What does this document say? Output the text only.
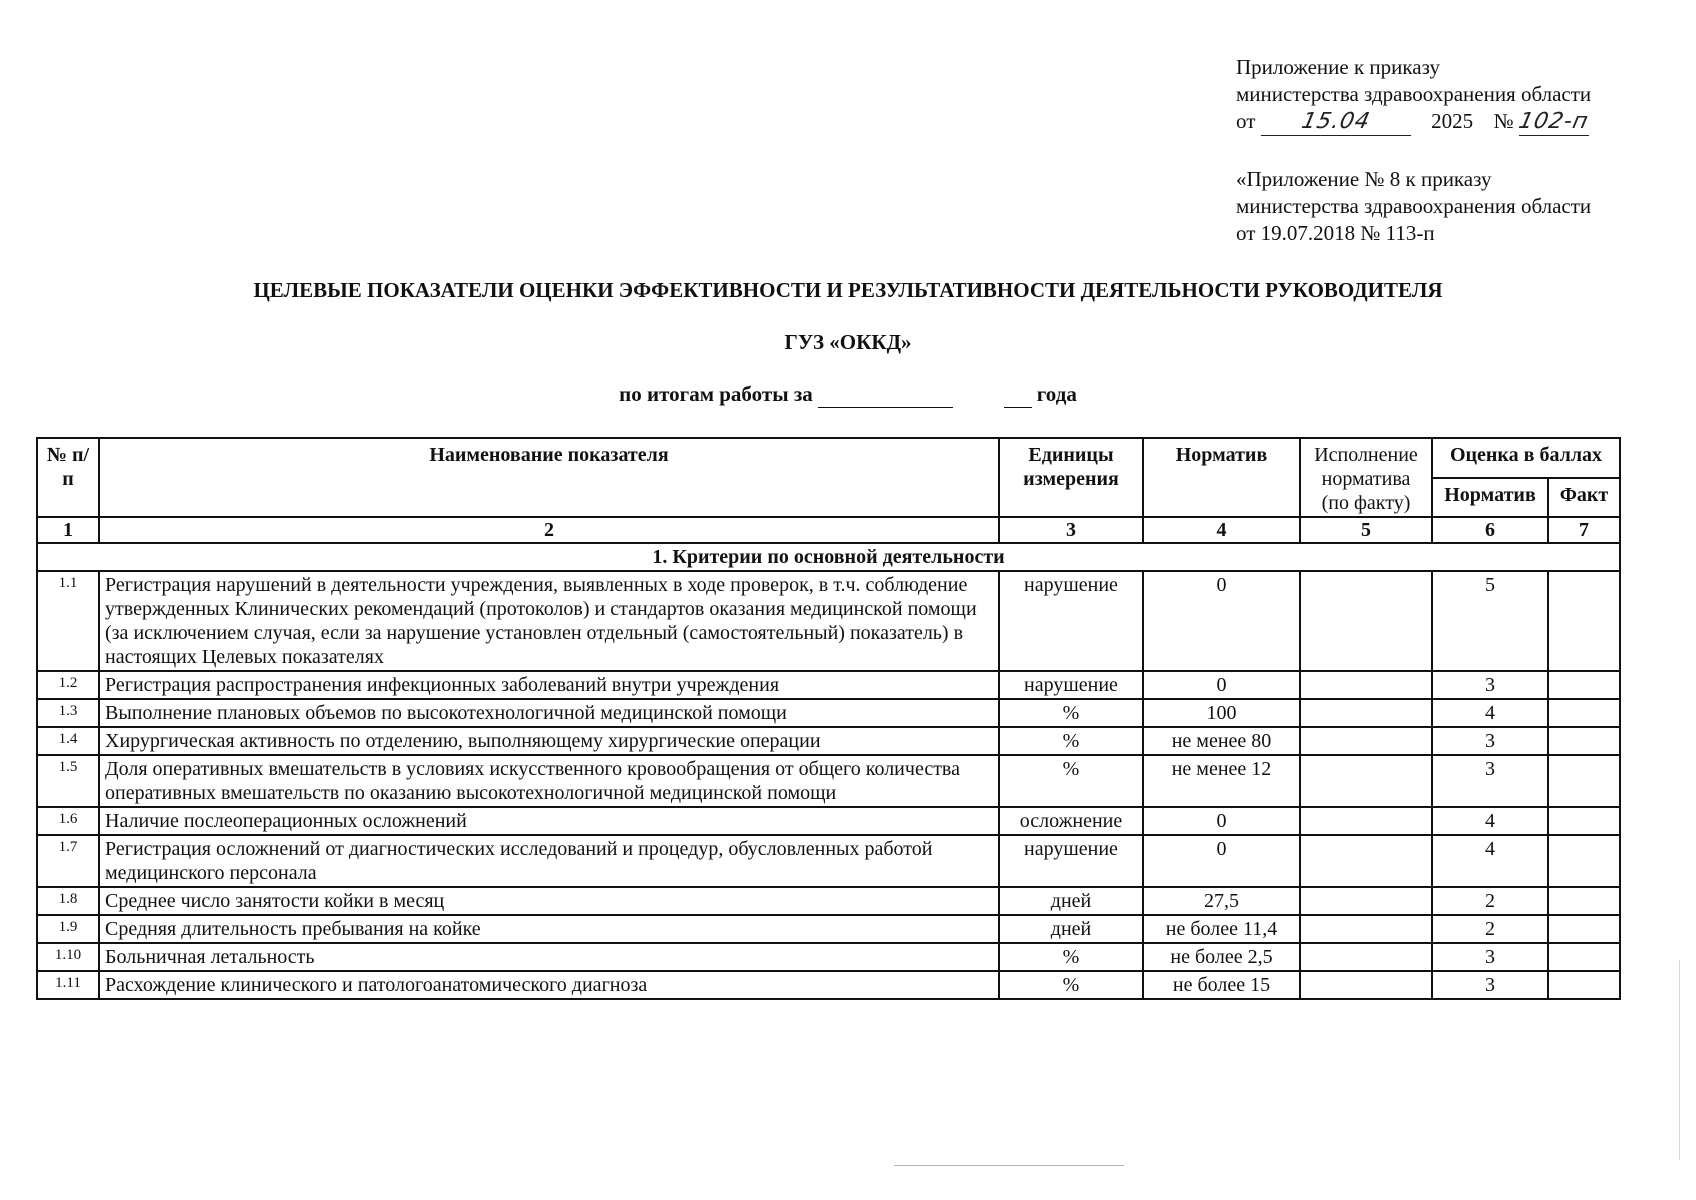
Приложение к приказу
министерства здравоохранения области
от 15.04	2025 № 102-п
«Приложение № 8 к приказу
министерства здравоохранения области
от 19.07.2018 № 113-п
ЦЕЛЕВЫЕ ПОКАЗАТЕЛИ ОЦЕНКИ ЭФФЕКТИВНОСТИ И РЕЗУЛЬТАТИВНОСТИ ДЕЯТЕЛЬНОСТИ РУКОВОДИТЕЛЯ
ГУЗ «ОККД»
по итогам работы за	года
№ п/п	Наименование показателя	Единицы измерения	Норматив	Исполнение норматива (по факту)	Оценка в баллах	
					Норматив	Факт
1	2	3	4	5	6	7
1. Критерии по основной деятельности						
1.1	Регистрация нарушений в деятельности учреждения, выявленных в ходе проверок, в т.ч. соблюдение утвержденных Клинических рекомендаций (протоколов) и стандартов оказания медицинской помощи (за исключением случая, если за нарушение установлен отдельный (самостоятельный) показатель) в настоящих Целевых показателях	нарушение	0		5	
1.2	Регистрация распространения инфекционных заболеваний внутри учреждения	нарушение	0		3	
1.3	Выполнение плановых объемов по высокотехнологичной медицинской помощи	%	100		4	
1.4	Хирургическая активность по отделению, выполняющему хирургические операции	%	не менее 80		3	
1.5	Доля оперативных вмешательств в условиях искусственного кровообращения от общего количества оперативных вмешательств по оказанию высокотехнологичной медицинской помощи	%	не менее 12		3	
1.6	Наличие послеоперационных осложнений	осложнение	0		4	
1.7	Регистрация осложнений от диагностических исследований и процедур, обусловленных работой медицинского персонала	нарушение	0		4	
1.8	Среднее число занятости койки в месяц	дней	27,5		2	
1.9	Средняя длительность пребывания на койке	дней	не более 11,4		2	
1.10	Больничная летальность	%	не более 2,5		3	
1.11	Расхождение клинического и патологоанатомического диагноза	%	не более 15		3	
